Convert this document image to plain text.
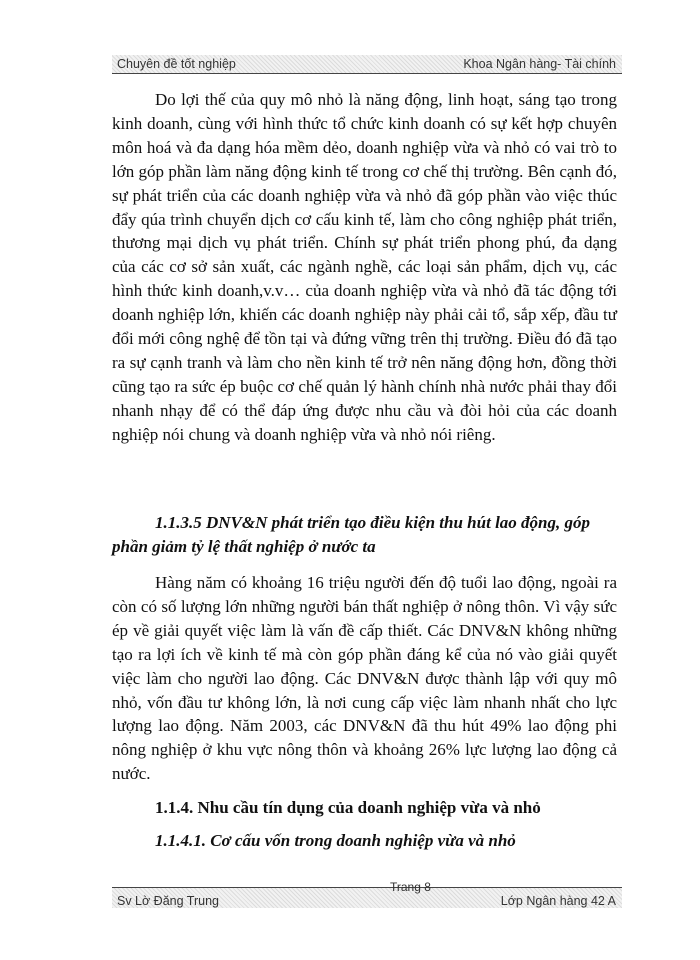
Chuyên đề tốt nghiệp	Khoa Ngân hàng- Tài chính

Do lợi thế của quy mô nhỏ là năng động, linh hoạt, sáng tạo trong kinh doanh, cùng với hình thức tổ chức kinh doanh có sự kết hợp chuyên môn hoá và đa dạng hóa mềm dẻo, doanh nghiệp vừa và nhỏ có vai trò to lớn góp phần làm năng động kinh tế trong cơ chế thị trường. Bên cạnh đó, sự phát triển của các doanh nghiệp vừa và nhỏ đã góp phần vào việc thúc đẩy qúa trình chuyển dịch cơ cấu kinh tế, làm cho công nghiệp phát triển, thương mại dịch vụ phát triển. Chính sự phát triển phong phú, đa dạng của các cơ sở sản xuất, các ngành nghề, các loại sản phẩm, dịch vụ, các hình thức kinh doanh,v.v… của doanh nghiệp vừa và nhỏ đã tác động tới doanh nghiệp lớn, khiến các doanh nghiệp này phải cải tổ, sắp xếp, đầu tư đổi mới công nghệ để tồn tại và đứng vững trên thị trường. Điều đó đã tạo ra sự cạnh tranh và làm cho nền kinh tế trở nên năng động hơn, đồng thời cũng tạo ra sức ép buộc cơ chế quản lý hành chính nhà nước phải thay đổi nhanh nhạy để có thể đáp ứng được nhu cầu và đòi hỏi của các doanh nghiệp nói chung và doanh nghiệp vừa và nhỏ nói riêng.

1.1.3.5 DNV&N phát triển tạo điều kiện thu hút lao động, góp phần giảm tỷ lệ thất nghiệp ở nước ta

Hàng năm có khoảng 16 triệu người đến độ tuổi lao động, ngoài ra còn có số lượng lớn những người bán thất nghiệp ở nông thôn. Vì vậy sức ép về giải quyết việc làm là vấn đề cấp thiết. Các DNV&N không những tạo ra lợi ích về kinh tế mà còn góp phần đáng kể của nó vào giải quyết việc làm cho người lao động. Các DNV&N được thành lập với quy mô nhỏ, vốn đầu tư không lớn, là nơi cung cấp việc làm nhanh nhất cho lực lượng lao động. Năm 2003, các DNV&N đã thu hút 49% lao động phi nông nghiệp ở khu vực nông thôn và khoảng 26% lực lượng lao động cả nước.

1.1.4. Nhu cầu tín dụng của doanh nghiệp vừa và nhỏ

1.1.4.1. Cơ cấu vốn trong doanh nghiệp vừa và nhỏ

Sv Lờ Đăng Trung
Trang 8
Lớp Ngân hàng 42 A
